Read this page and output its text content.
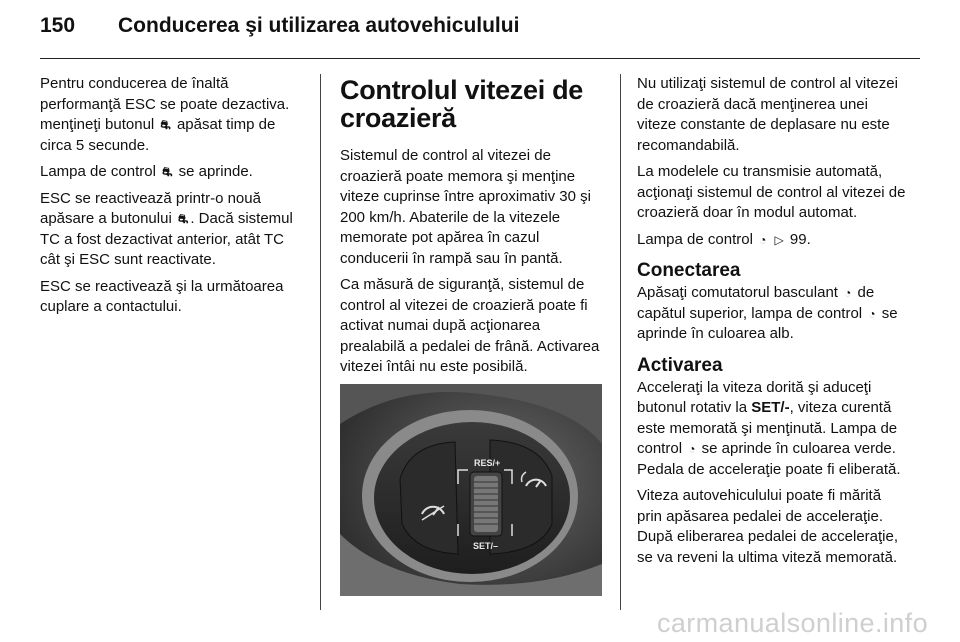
150 Conducerea şi utilizarea autovehiculului

Pentru conducerea de înaltă performanţă ESC se poate dezactiva. menţineţi butonul ⛐ apăsat timp de circa 5 secunde.

Lampa de control ⛐ se aprinde.

ESC se reactivează printr-o nouă apăsare a butonului ⛐ . Dacă sistemul TC a fost dezactivat anterior, atât TC cât şi ESC sunt reactivate.

ESC se reactivează şi la următoarea cuplare a contactului.

Controlul vitezei de croazieră

Sistemul de control al vitezei de croazieră poate memora şi menţine viteze cuprinse între aproximativ 30 şi 200 km/h. Abaterile de la vitezele memorate pot apărea în cazul conducerii în rampă sau în pantă.

Ca măsură de siguranţă, sistemul de control al vitezei de croazieră poate fi activat numai după acţionarea prealabilă a pedalei de frână. Activarea vitezei întâi nu este posibilă.

RES/+
SET/–

Nu utilizaţi sistemul de control al vitezei de croazieră dacă menţinerea unei viteze constante de deplasare nu este recomandabilă.

La modelele cu transmisie automată, acţionaţi sistemul de control al vitezei de croazieră doar în modul automat.

Lampa de control ◔ ▷ 99.

Conectarea

Apăsaţi comutatorul basculant ◔ de capătul superior, lampa de control ◔ se aprinde în culoarea alb.

Activarea

Acceleraţi la viteza dorită şi aduceţi butonul rotativ la SET/-, viteza curentă este memorată şi menţinută. Lampa de control ◔ se aprinde în culoarea verde. Pedala de acceleraţie poate fi eliberată.

Viteza autovehiculului poate fi mărită prin apăsarea pedalei de acceleraţie. După eliberarea pedalei de acceleraţie, se va reveni la ultima viteză memorată.

carmanualsonline.info
